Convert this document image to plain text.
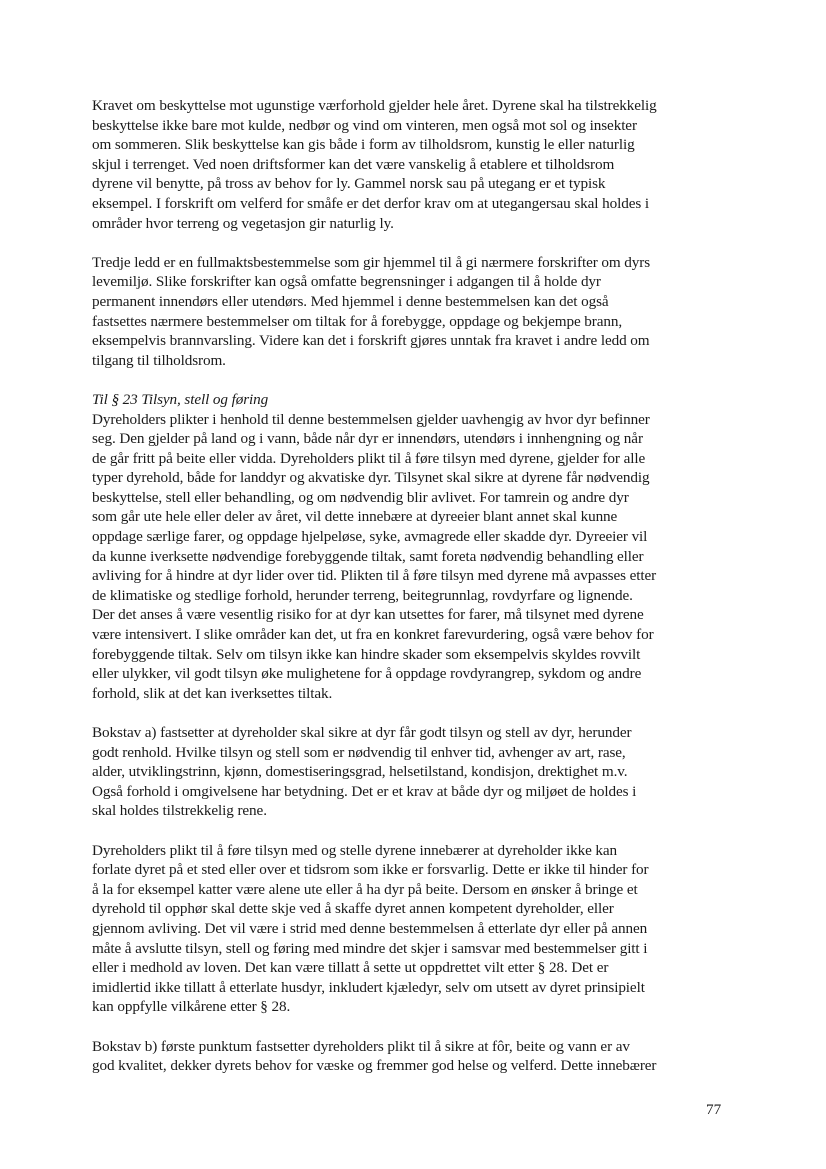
Kravet om beskyttelse mot ugunstige værforhold gjelder hele året. Dyrene skal ha tilstrekkelig
beskyttelse ikke bare mot kulde, nedbør og vind om vinteren, men også mot sol og insekter
om sommeren. Slik beskyttelse kan gis både i form av tilholdsrom, kunstig le eller naturlig
skjul i terrenget. Ved noen driftsformer kan det være vanskelig å etablere et tilholdsrom
dyrene vil benytte, på tross av behov for ly. Gammel norsk sau på utegang er et typisk
eksempel. I forskrift om velferd for småfe er det derfor krav om at utegangersau skal holdes i
områder hvor terreng og vegetasjon gir naturlig ly.
Tredje ledd er en fullmaktsbestemmelse som gir hjemmel til å gi nærmere forskrifter om dyrs
levemiljø. Slike forskrifter kan også omfatte begrensninger i adgangen til å holde dyr
permanent innendørs eller utendørs. Med hjemmel i denne bestemmelsen kan det også
fastsettes nærmere bestemmelser om tiltak for å forebygge, oppdage og bekjempe brann,
eksempelvis brannvarsling. Videre kan det i forskrift gjøres unntak fra kravet i andre ledd om
tilgang til tilholdsrom.
Til § 23 Tilsyn, stell og føring
Dyreholders plikter i henhold til denne bestemmelsen gjelder uavhengig av hvor dyr befinner
seg. Den gjelder på land og i vann, både når dyr er innendørs, utendørs i innhengning og når
de går fritt på beite eller vidda. Dyreholders plikt til å føre tilsyn med dyrene, gjelder for alle
typer dyrehold, både for landdyr og akvatiske dyr. Tilsynet skal sikre at dyrene får nødvendig
beskyttelse, stell eller behandling, og om nødvendig blir avlivet. For tamrein og andre dyr
som går ute hele eller deler av året, vil dette innebære at dyreeier blant annet skal kunne
oppdage særlige farer, og oppdage hjelpeløse, syke, avmagrede eller skadde dyr. Dyreeier vil
da kunne iverksette nødvendige forebyggende tiltak, samt foreta nødvendig behandling eller
avliving for å hindre at dyr lider over tid. Plikten til å føre tilsyn med dyrene må avpasses etter
de klimatiske og stedlige forhold, herunder terreng, beitegrunnlag, rovdyrfare og lignende.
Der det anses å være vesentlig risiko for at dyr kan utsettes for farer, må tilsynet med dyrene
være intensivert. I slike områder kan det, ut fra en konkret farevurdering, også være behov for
forebyggende tiltak. Selv om tilsyn ikke kan hindre skader som eksempelvis skyldes rovvilt
eller ulykker, vil godt tilsyn øke mulighetene for å oppdage rovdyrangrep, sykdom og andre
forhold, slik at det kan iverksettes tiltak.
Bokstav a) fastsetter at dyreholder skal sikre at dyr får godt tilsyn og stell av dyr, herunder
godt renhold. Hvilke tilsyn og stell som er nødvendig til enhver tid, avhenger av art, rase,
alder, utviklingstrinn, kjønn, domestiseringsgrad, helsetilstand, kondisjon, drektighet m.v.
Også forhold i omgivelsene har betydning. Det er et krav at både dyr og miljøet de holdes i
skal holdes tilstrekkelig rene.
Dyreholders plikt til å føre tilsyn med og stelle dyrene innebærer at dyreholder ikke kan
forlate dyret på et sted eller over et tidsrom som ikke er forsvarlig. Dette er ikke til hinder for
å la for eksempel katter være alene ute eller å ha dyr på beite. Dersom en ønsker å bringe et
dyrehold til opphør skal dette skje ved å skaffe dyret annen kompetent dyreholder, eller
gjennom avliving. Det vil være i strid med denne bestemmelsen å etterlate dyr eller på annen
måte å avslutte tilsyn, stell og føring med mindre det skjer i samsvar med bestemmelser gitt i
eller i medhold av loven. Det kan være tillatt å sette ut oppdrettet vilt etter § 28. Det er
imidlertid ikke tillatt å etterlate husdyr, inkludert kjæledyr, selv om utsett av dyret prinsipielt
kan oppfylle vilkårene etter § 28.
Bokstav b) første punktum fastsetter dyreholders plikt til å sikre at fôr, beite og vann er av
god kvalitet, dekker dyrets behov for væske og fremmer god helse og velferd. Dette innebærer
77
